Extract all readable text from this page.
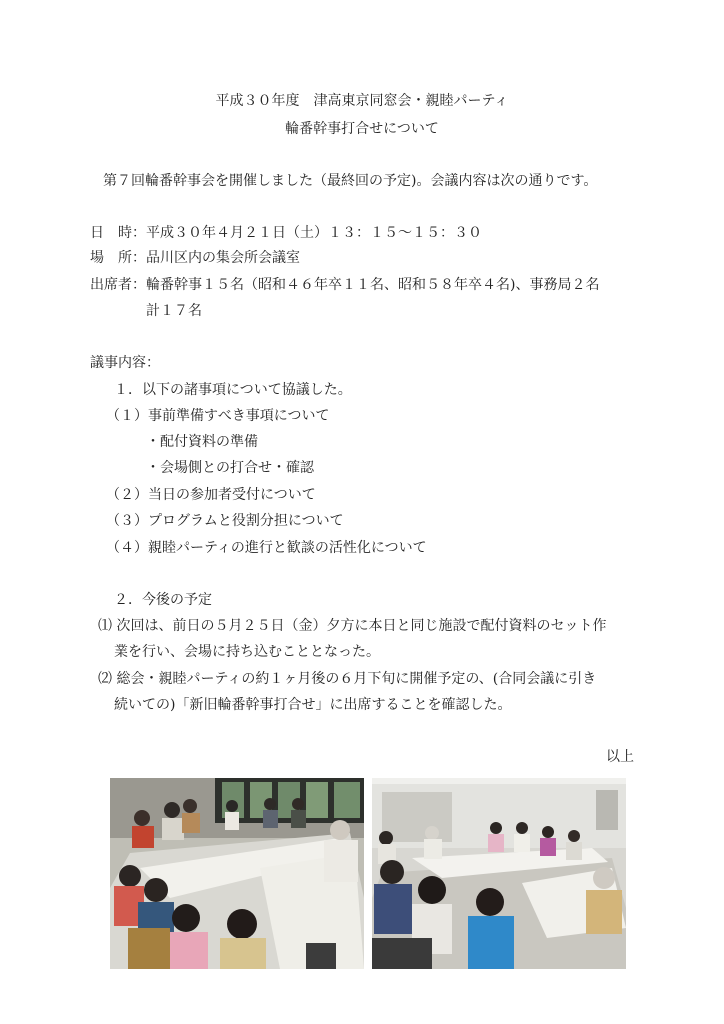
平成３０年度　津高東京同窓会・親睦パーティ
輪番幹事打合せについて
第７回輪番幹事会を開催しました（最終回の予定)。会議内容は次の通りです。
日　時：平成３０年４月２１日（土）１３：１５～１５：３０
場　所：品川区内の集会所会議室
出席者：輪番幹事１５名（昭和４６年卒１１名、昭和５８年卒４名)、事務局２名
計１７名
議事内容：
１．以下の諸事項について協議した。
（１）事前準備すべき事項について
・配付資料の準備
・会場側との打合せ・確認
（２）当日の参加者受付について
（３）プログラムと役割分担について
（４）親睦パーティの進行と歓談の活性化について
２．今後の予定
⑴ 次回は、前日の５月２５日（金）夕方に本日と同じ施設で配付資料のセット作
業を行い、会場に持ち込むこととなった。
⑵ 総会・親睦パーティの約１ヶ月後の６月下旬に開催予定の、(合同会議に引き
続いての)「新旧輪番幹事打合せ」に出席することを確認した。
以上
